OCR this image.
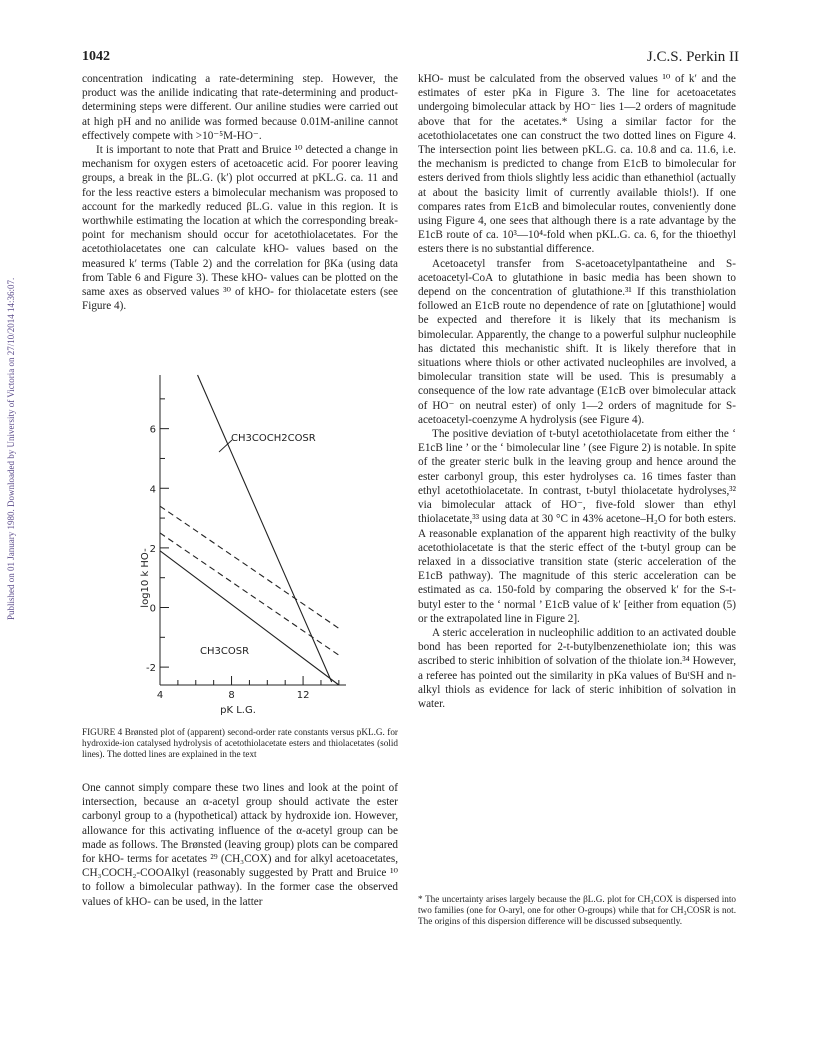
Published on 01 January 1980. Downloaded by University of Victoria on 27/10/2014 14:36:07.
1042	J.C.S. Perkin II

concentration indicating a rate-determining step. However, the product was the anilide indicating that rate-determining and product-determining steps were different. Our aniline studies were carried out at high pH and no anilide was formed because 0.01M-aniline cannot effectively compete with >10⁻⁵M-HO⁻.

It is important to note that Pratt and Bruice ¹⁰ detected a change in mechanism for oxygen esters of acetoacetic acid. For poorer leaving groups, a break in the βL.G. (k′) plot occurred at pKL.G. ca. 11 and for the less reactive esters a bimolecular mechanism was proposed to account for the markedly reduced βL.G. value in this region. It is worthwhile estimating the location at which the corresponding break-point for mechanism should occur for acetothiolacetates. For the acetothiolacetates one can calculate kHO- values based on the measured k′ terms (Table 2) and the correlation for βKa (using data from Table 6 and Figure 3). These kHO- values can be plotted on the same axes as observed values ³⁰ of kHO- for thiolacetate esters (see Figure 4).

6
4
2
0
-2
4	8	12
CH3COCH2COSR
CH3COSR
log10 k HO-
pK L.G.
FIGURE 4 Brønsted plot of (apparent) second-order rate constants versus pKL.G. for hydroxide-ion catalysed hydrolysis of acetothiolacetate esters and thiolacetates (solid lines). The dotted lines are explained in the text

One cannot simply compare these two lines and look at the point of intersection, because an α-acetyl group should activate the ester carbonyl group to a (hypothetical) attack by hydroxide ion. However, allowance for this activating influence of the α-acetyl group can be made as follows. The Brønsted (leaving group) plots can be compared for kHO- terms for acetates ²⁹ (CH₃COX) and for alkyl acetoacetates, CH₃COCH₂-COOAlkyl (reasonably suggested by Pratt and Bruice ¹⁰ to follow a bimolecular pathway). In the former case the observed values of kHO- can be used, in the latter

kHO- must be calculated from the observed values ¹⁰ of k′ and the estimates of ester pKa in Figure 3. The line for acetoacetates undergoing bimolecular attack by HO⁻ lies 1—2 orders of magnitude above that for the acetates.* Using a similar factor for the acetothiolacetates one can construct the two dotted lines on Figure 4. The intersection point lies between pKL.G. ca. 10.8 and ca. 11.6, i.e. the mechanism is predicted to change from E1cB to bimolecular for esters derived from thiols slightly less acidic than ethanethiol (actually at about the basicity limit of currently available thiols!). If one compares rates from E1cB and bimolecular routes, conveniently done using Figure 4, one sees that although there is a rate advantage by the E1cB route of ca. 10³—10⁴-fold when pKL.G. ca. 6, for the thioethyl esters there is no substantial difference.

Acetoacetyl transfer from S-acetoacetylpantatheine and S-acetoacetyl-CoA to glutathione in basic media has been shown to depend on the concentration of glutathione.³¹ If this transthiolation followed an E1cB route no dependence of rate on [glutathione] would be expected and therefore it is likely that its mechanism is bimolecular. Apparently, the change to a powerful sulphur nucleophile has dictated this mechanistic shift. It is likely therefore that in situations where thiols or other activated nucleophiles are involved, a bimolecular transition state will be used. This is presumably a consequence of the low rate advantage (E1cB over bimolecular attack of HO⁻ on neutral ester) of only 1—2 orders of magnitude for S-acetoacetyl-coenzyme A hydrolysis (see Figure 4).

The positive deviation of t-butyl acetothiolacetate from either the ‘ E1cB line ’ or the ‘ bimolecular line ’ (see Figure 2) is notable. In spite of the greater steric bulk in the leaving group and hence around the ester carbonyl group, this ester hydrolyses ca. 16 times faster than ethyl acetothiolacetate. In contrast, t-butyl thiolacetate hydrolyses,³² via bimolecular attack of HO⁻, five-fold slower than ethyl thiolacetate,³³ using data at 30 °C in 43% acetone–H₂O for both esters. A reasonable explanation of the apparent high reactivity of the bulky acetothiolacetate is that the steric effect of the t-butyl group can be relaxed in a dissociative transition state (steric acceleration of the E1cB pathway). The magnitude of this steric acceleration can be estimated as ca. 150-fold by comparing the observed k′ for the S-t-butyl ester to the ‘ normal ’ E1cB value of k′ [either from equation (5) or the extrapolated line in Figure 2].

A steric acceleration in nucleophilic addition to an activated double bond has been reported for 2-t-butylbenzenethiolate ion; this was ascribed to steric inhibition of solvation of the thiolate ion.³⁴ However, a referee has pointed out the similarity in pKa values of BuᵗSH and n-alkyl thiols as evidence for lack of steric inhibition of solvation in water.

* The uncertainty arises largely because the βL.G. plot for CH₃COX is dispersed into two families (one for O-aryl, one for other O-groups) while that for CH₃COSR is not. The origins of this dispersion difference will be discussed subsequently.
